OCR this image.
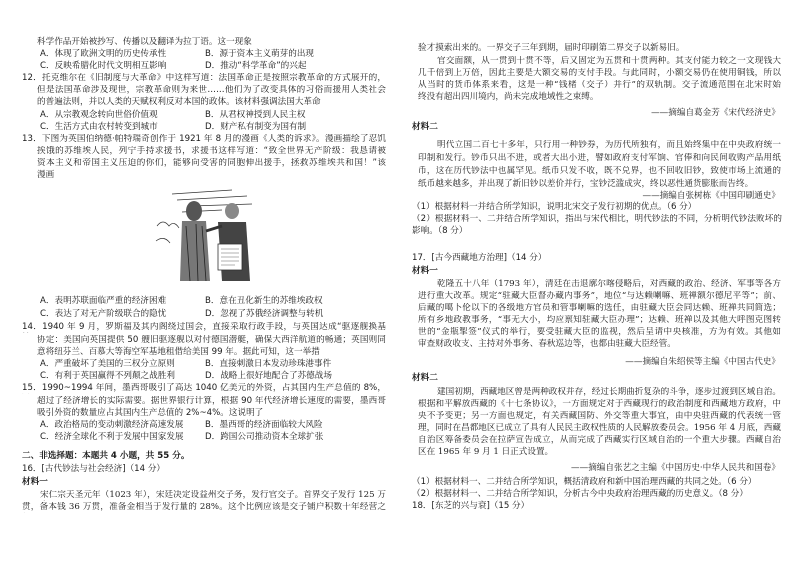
科学作品开始被抄写、传播以及翻译为拉丁语。这一现象
A．体现了欧洲文明的历史传承性	B．源于资本主义萌芽的出现
C．反映希腊化时代文明相互影响	D．推动“科学革命”的兴起
12．托克维尔在《旧制度与大革命》中这样写道：法国革命正是按照宗教革命的方式展开的，
但是法国革命涉及现世，宗教革命则为来世……他们为了改变具体的习俗而援用人类社会
的普遍法则，并以人类的天赋权利反对本国的政体。该材料强调法国大革命
A．从宗教观念转向世俗价值观	B．从君权神授到人民主权
C．生活方式由农村转变到城市	D．财产私有制变为国有制
13．下图为英国伯纳德·帕特瑞奇创作于 1921 年 8 月的漫画《人类的诉求》。漫画描绘了忍饥
挨饿的苏维埃人民，列宁手持求援书，求援书这样写道：“致全世界无产阶级：我恳请被
资本主义和帝国主义压迫的你们，能够向受害的同胞伸出援手，拯救苏维埃共和国！”该
漫画
A．表明苏联面临严重的经济困难	B．意在丑化新生的苏维埃政权
C．表达了对无产阶级联合的隐忧	D．忽视了苏俄经济调整与转机
14．1940 年 9 月，罗斯福及其内阁绕过国会，直接采取行政手段，与英国达成“驱逐舰换基
协定：美国向英国提供 50 艘旧驱逐舰以对付德国潜艇，确保大西洋航道的畅通；英国则同
意将纽芬兰、百慕大等海空军基地租借给美国 99 年。据此可知，这一举措
A．严重破坏了美国的三权分立原则	B．直接刺激日本发动珍珠港事件
C．有利于英国赢得不列颠之战胜利	D．战略上很好地配合了苏德战场
15．1990~1994 年间，墨西哥吸引了高达 1040 亿美元的外资，占其国内生产总值的 8%，
超过了经济增长的实际需要。据世界银行计算，根据 90 年代经济增长速度的需要，墨西哥
吸引外资的数量应占其国内生产总值的 2%~4%。这说明了
A．政治格局的变动刺激经济高速发展	B．墨西哥的经济面临较大风险
C．经济全球化不利于发展中国家发展 D．跨国公司推动资本全球扩张
二、非选择题：本题共 4 小题，共 55 分。
16．[古代钞法与社会经济]（14 分）
材料一
宋仁宗天圣元年（1023 年），宋廷决定设益州交子务，发行官交子。首界交子发行 125 万
贯，备本钱 36 万贯，准备金相当于发行量的 28%。这个比例应该是交子铺户积数十年经营之
验才摸索出来的。一界交子三年到期，届时印刷第二界交子以新易旧。
官交面额，从一贯到十贯不等，后又固定为五贯和十贯两种。其支付能力较之一文现钱大
几千倍到上万倍，因此主要是大额交易的支付手段。与此同时，小额交易仍在使用铜钱，所以
从当时的货币体系来看，这是一种“钱楮（交子）并行”的双轨制。交子流通范围在北宋时始
终没有超出四川境内，尚未完成地域性之束缚。
——摘编自葛金芳《宋代经济史》
材料二
明代立国二百七十多年，只行用一种钞券，为历代所独有，而且始终集中在中央政府统一
印制和发行。钞币只出不进，或者大出小进，譬如政府支付军饷、官俸和向民间收购产品用纸
币，这在历代钞法中也属罕见。纸币只发不收，既不兑界，也不回收旧钞，致使市场上流通的
纸币越来越多，并出现了新旧钞以差价并行，宝钞泛滥成灾，终以恶性通货膨胀而告终。
——摘编自张树栋《中国印刷通史》
（1）根据材料一并结合所学知识，说明北宋交子发行初期的优点。（6 分）
（2）根据材料一、二并结合所学知识，指出与宋代相比，明代钞法的不同，分析明代钞法败坏的
影响。（8 分）
17．[古今西藏地方治理]（14 分）
材料一
乾隆五十八年（1793 年），清廷在击退廓尔喀侵略后，对西藏的政治、经济、军事等各方
进行重大改革。规定“驻藏大臣督办藏内事务”，地位“与达赖喇嘛、班禅额尔德尼平等”；前、
后藏的噶卜伦以下的各级地方官员和管事喇嘛的选任，由驻藏大臣会同达赖、班禅共同简选；
所有乡地政教事务，“事无大小，均应禀知驻藏大臣办理”；达赖、班禅以及其他大呼图克图转
世的“金瓶掣签”仪式的举行，要受驻藏大臣的监视，然后呈请中央核准，方为有效。其他如
审查财政收支、主持对外事务、春秋巡边等，也都由驻藏大臣经管。
——摘编自朱绍侯等主编《中国古代史》
材料二
建国初期，西藏地区曾是两种政权并存，经过长期曲折复杂的斗争，逐步过渡到区域自治。
根据和平解放西藏的《十七条协议》，一方面规定对于西藏现行的政治制度和西藏地方政府，中
央不予变更；另一方面也规定，有关西藏国防、外交等重大事宜，由中央驻西藏的代表统一管
理，同时在昌都地区已成立了具有人民民主政权性质的人民解放委员会。1956 年 4 月底，西藏
自治区筹备委员会在拉萨宣告成立，从而完成了西藏实行区域自治的一个重大步骤。西藏自治
区在 1965 年 9 月 1 日正式设置。
——摘编自张艺之主编《中国历史·中华人民共和国卷》
（1）根据材料一、二并结合所学知识，概括清政府和新中国治理西藏的共同之处。（6 分）
（2）根据材料一、二并结合所学知识，分析古今中央政府治理西藏的历史意义。（8 分）
18．[东芝的兴与衰]（15 分）
